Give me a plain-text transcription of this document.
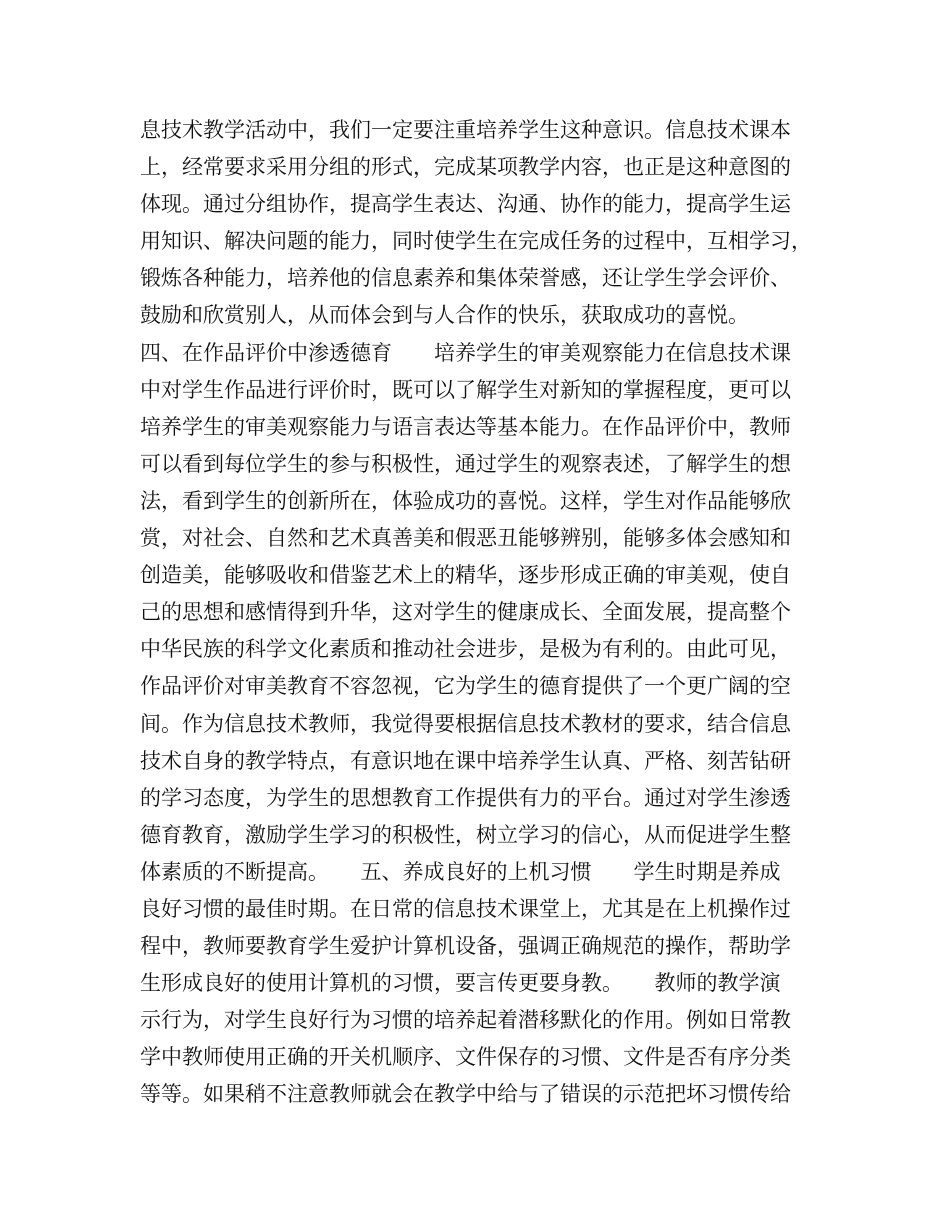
息技术教学活动中，我们一定要注重培养学生这种意识。信息技术课本
上，经常要求采用分组的形式，完成某项教学内容，也正是这种意图的
体现。通过分组协作，提高学生表达、沟通、协作的能力，提高学生运
用知识、解决问题的能力，同时使学生在完成任务的过程中，互相学习，
锻炼各种能力，培养他的信息素养和集体荣誉感，还让学生学会评价、
鼓励和欣赏别人，从而体会到与人合作的快乐，获取成功的喜悦。
四、在作品评价中渗透德育　　培养学生的审美观察能力在信息技术课
中对学生作品进行评价时，既可以了解学生对新知的掌握程度，更可以
培养学生的审美观察能力与语言表达等基本能力。在作品评价中，教师
可以看到每位学生的参与积极性，通过学生的观察表述，了解学生的想
法，看到学生的创新所在，体验成功的喜悦。这样，学生对作品能够欣
赏，对社会、自然和艺术真善美和假恶丑能够辨别，能够多体会感知和
创造美，能够吸收和借鉴艺术上的精华，逐步形成正确的审美观，使自
己的思想和感情得到升华，这对学生的健康成长、全面发展，提高整个
中华民族的科学文化素质和推动社会进步，是极为有利的。由此可见，
作品评价对审美教育不容忽视，它为学生的德育提供了一个更广阔的空
间。作为信息技术教师，我觉得要根据信息技术教材的要求，结合信息
技术自身的教学特点，有意识地在课中培养学生认真、严格、刻苦钻研
的学习态度，为学生的思想教育工作提供有力的平台。通过对学生渗透
德育教育，激励学生学习的积极性，树立学习的信心，从而促进学生整
体素质的不断提高。　　五、养成良好的上机习惯　　学生时期是养成
良好习惯的最佳时期。在日常的信息技术课堂上，尤其是在上机操作过
程中，教师要教育学生爱护计算机设备，强调正确规范的操作，帮助学
生形成良好的使用计算机的习惯，要言传更要身教。　　教师的教学演
示行为，对学生良好行为习惯的培养起着潜移默化的作用。例如日常教
学中教师使用正确的开关机顺序、文件保存的习惯、文件是否有序分类
等等。如果稍不注意教师就会在教学中给与了错误的示范把坏习惯传给
